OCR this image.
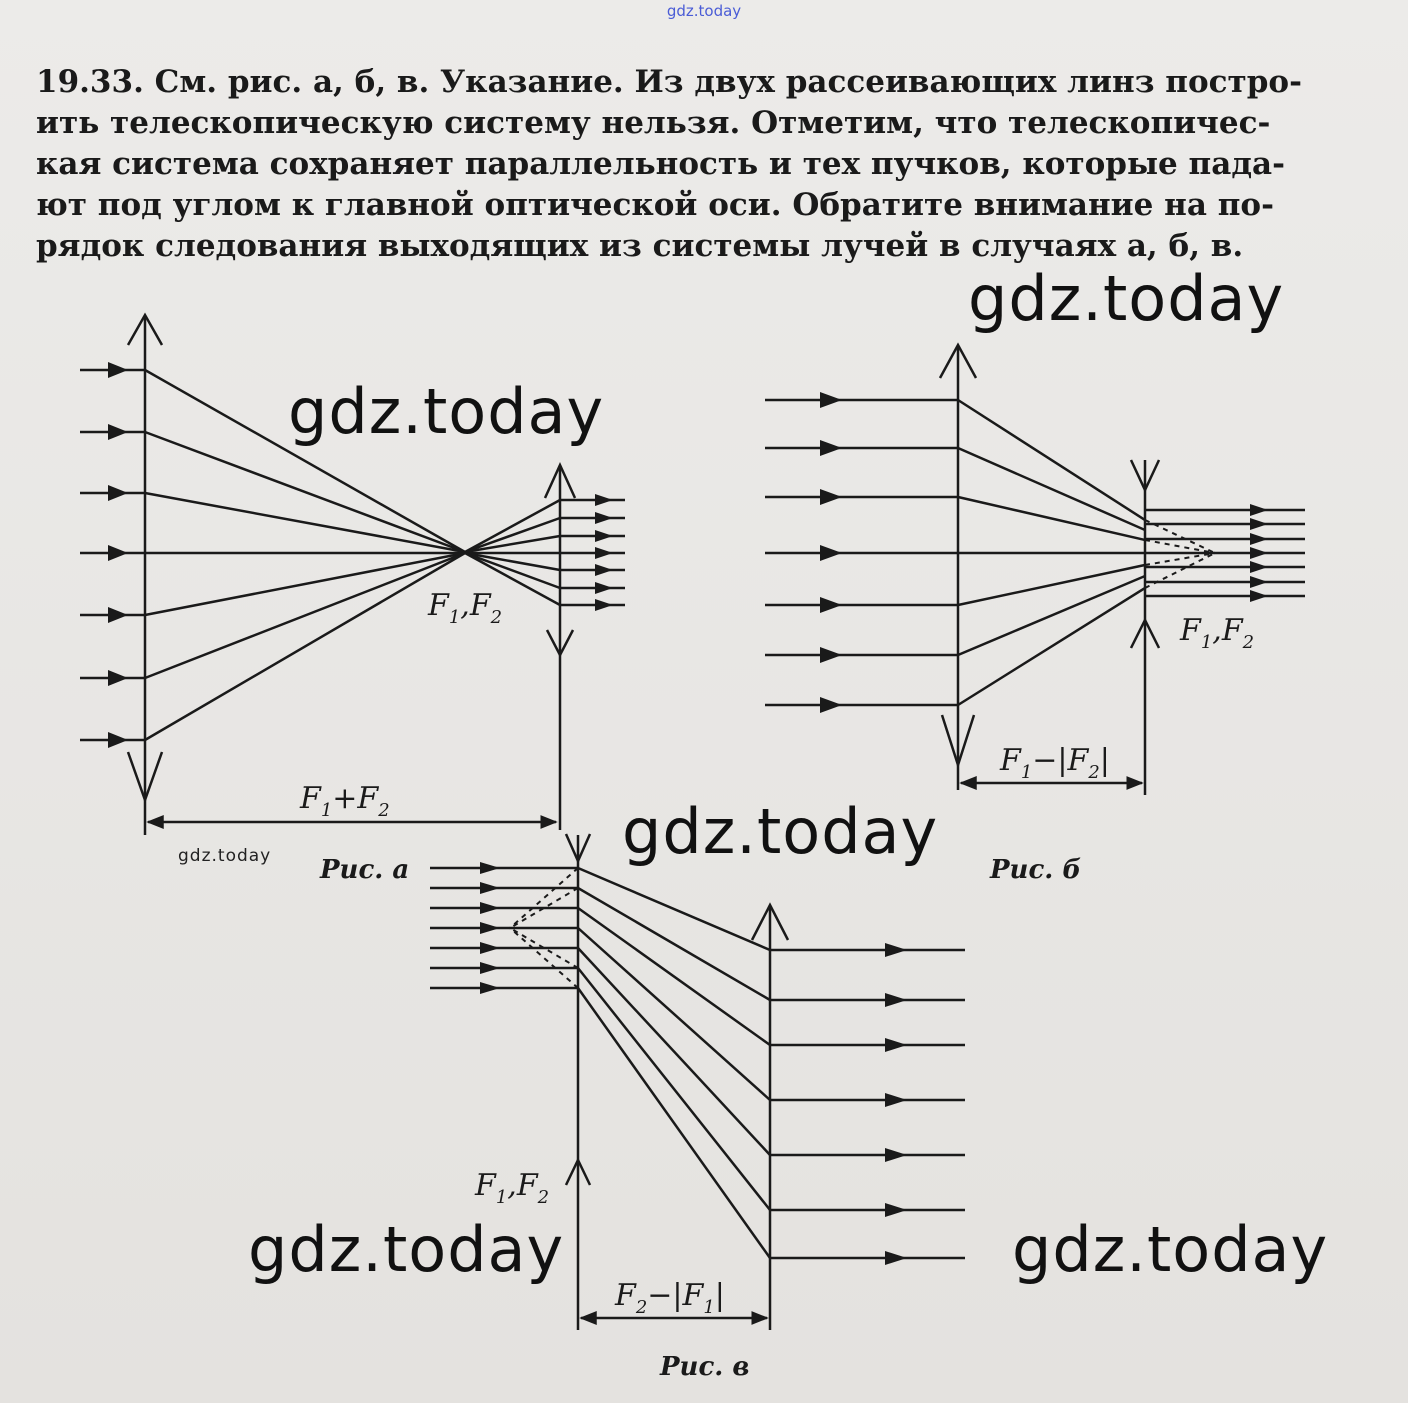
gdz.today
19.33. См. рис. а, б, в. Указание. Из двух рассеивающих линз постро-
ить телескопическую систему нельзя. Отметим, что телескопичес-
кая система сохраняет параллельность и тех пучков, которые пада-
ют под углом к главной оптической оси. Обратите внимание на по-
рядок следования выходящих из системы лучей в случаях а, б, в.
$F_1,F_2$
$F_1+F_2$
Рис. а
$F_1,F_2$
$F_1-|F_2|$
Рис. б
$F_1,F_2$
$F_2-|F_1|$
Рис. в
gdz.today
gdz.today
gdz.today
gdz.today
gdz.today	gdz.today
